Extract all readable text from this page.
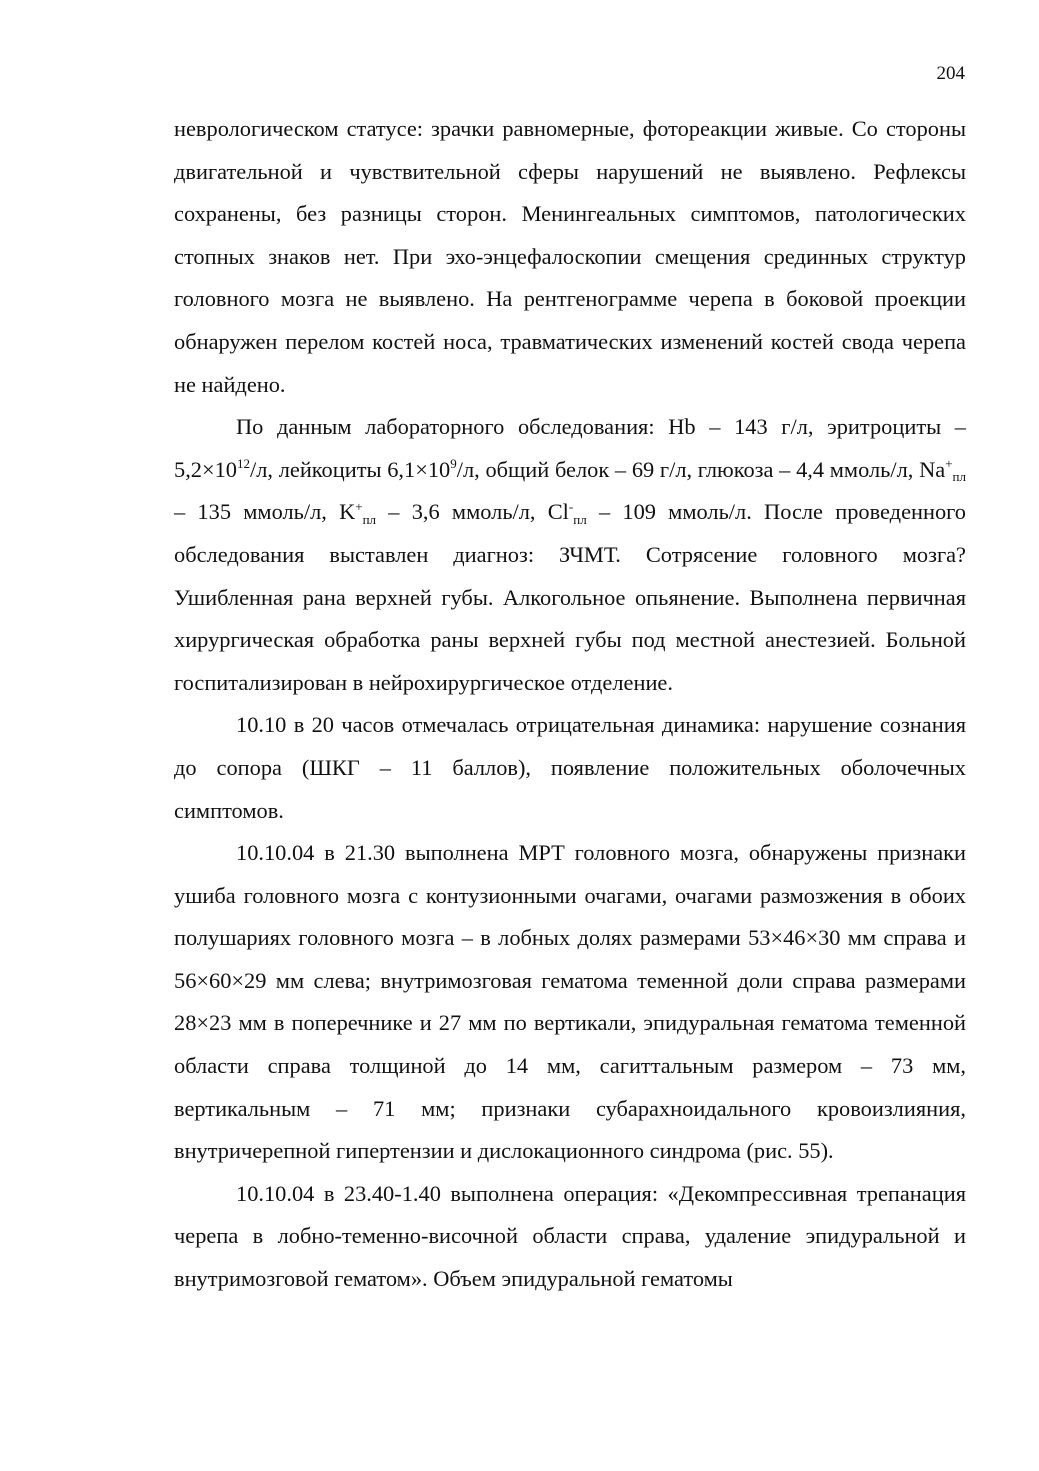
204

неврологическом статусе: зрачки равномерные, фотореакции живые. Со стороны двигательной и чувствительной сферы нарушений не выявлено. Рефлексы сохранены, без разницы сторон. Менингеальных симптомов, патологических стопных знаков нет. При эхо-энцефалоскопии смещения срединных структур головного мозга не выявлено. На рентгенограмме черепа в боковой проекции обнаружен перелом костей носа, травматических изменений костей свода черепа не найдено.

По данным лабораторного обследования: Hb – 143 г/л, эритроциты – $5,2\times 10^{12}/л$, лейкоциты $6,1\times 10^9/л$, общий белок – 69 г/л, глюкоза – 4,4 ммоль/л, $Na^+_{пл} - 135$ ммоль/л, $K^+_{пл} - 3,6$ ммоль/л, $Cl^-_{пл} - 109$ ммоль/л. После проведенного обследования выставлен диагноз: ЗЧМТ. Сотрясение головного мозга? Ушибленная рана верхней губы. Алкогольное опьянение. Выполнена первичная хирургическая обработка раны верхней губы под местной анестезией. Больной госпитализирован в нейрохирургическое отделение.

10.10 в 20 часов отмечалась отрицательная динамика: нарушение сознания до сопора (ШКГ – 11 баллов), появление положительных оболочечных симптомов.

10.10.04 в 21.30 выполнена МРТ головного мозга, обнаружены признаки ушиба головного мозга с контузионными очагами, очагами размозжения в обоих полушариях головного мозга – в лобных долях размерами 53×46×30 мм справа и 56×60×29 мм слева; внутримозговая гематома теменной доли справа размерами 28×23 мм в поперечнике и 27 мм по вертикали, эпидуральная гематома теменной области справа толщиной до 14 мм, сагиттальным размером – 73 мм, вертикальным – 71 мм; признаки субарахноидального кровоизлияния, внутричерепной гипертензии и дислокационного синдрома (рис. 55).

10.10.04 в 23.40-1.40 выполнена операция: «Декомпрессивная трепанация черепа в лобно-теменно-височной области справа, удаление эпидуральной и внутримозговой гематом». Объем эпидуральной гематомы
